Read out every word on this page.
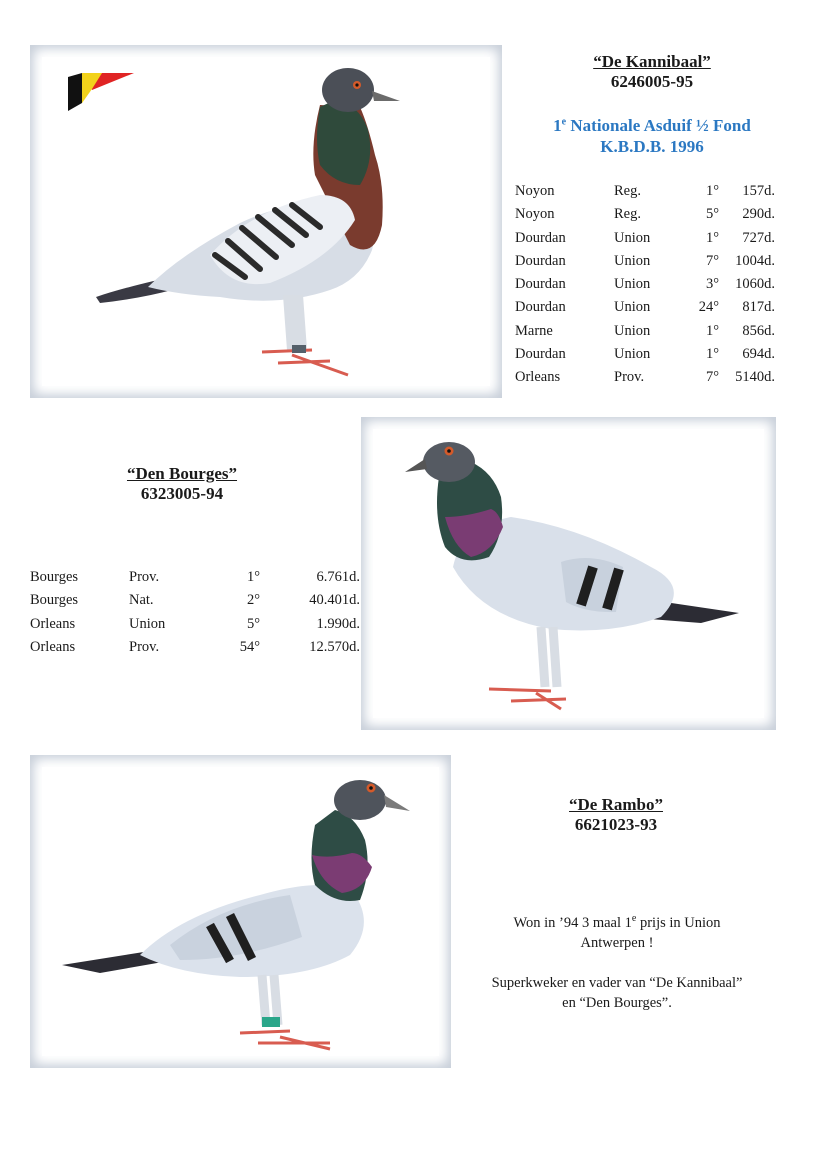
“De Kannibaal”
6246005-95
1e Nationale Asduif ½ Fond
K.B.D.B. 1996
Noyon	Reg.	1°	157d.
Noyon	Reg.	5°	290d.
Dourdan	Union	1°	727d.
Dourdan	Union	7°	1004d.
Dourdan	Union	3°	1060d.
Dourdan	Union	24°	817d.
Marne	Union	1°	856d.
Dourdan	Union	1°	694d.
Orleans	Prov.	7°	5140d.
“Den Bourges”
6323005-94
Bourges	Prov.	1°	6.761d.
Bourges	Nat.	2°	40.401d.
Orleans	Union	5°	1.990d.
Orleans	Prov.	54°	12.570d.
“De Rambo”
6621023-93
Won in ’94 3 maal 1e prijs in Union
Antwerpen !
Superkweker en vader van “De Kannibaal”
en “Den Bourges”.
